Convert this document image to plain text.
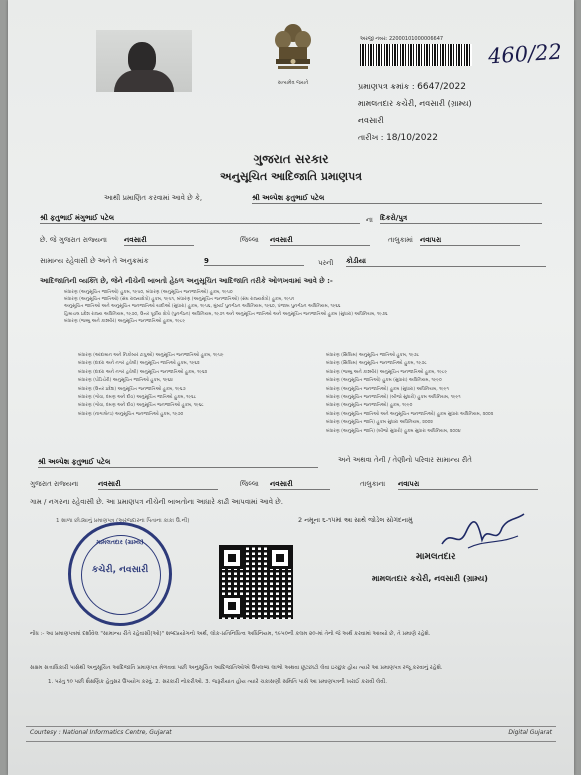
સત્યમેવ જયતે
અરજી નંબર: 22000101000006647
460/22
પ્રમાણપત્ર ક્રમાંક : 6647/2022
મામલતદાર કચેરી, નવસારી (ગ્રામ્ય)
નવસારી
તારીખ : 18/10/2022
ગુજરાત સરકાર
અનુસૂચિત આદિજાતિ પ્રમાણપત્ર
આથી પ્રમાણિત કરવામાં આવે છે કે,	શ્રી અલ્પેશ ફતુભાઈ પટેલ
શ્રી ફતુભાઈ મંગુભાઈ પટેલ	ના દિકરો/પુત્ર
છે. જે ગુજરાત રાજ્યના નવસારી	જિલ્લા નવસારી	તાલુકામાં નવાપરા
સામાન્ય રહેવાસી છે અને તે અનુક્રમાંક	9	પરની કોડીયા
આદિજાતિની વ્યક્તિ છે, જેને નીચેની બાબતો હેઠળ અનુસૂચિત આદિજાતિ તરીકે ઓળખવામાં આવે છે :-
બંધારણ (અનુસૂચિત જાતિઓ) હુકમ, ૧૯૫૦, બંધારણ (અનુસૂચિત જનજાતિઓ) હુકમ, ૧૯૫૦
બંધારણ (અનુસૂચિત જાતિઓ) (સંઘ રાજ્યક્ષેત્રો) હુકમ, ૧૯૫૧, બંધારણ (અનુસૂચિત જનજાતિઓ) (સંઘ રાજ્યક્ષેત્રો) હુકમ, ૧૯૫૧
અનુસૂચિત જાતિઓ અને અનુસૂચિત જનજાતિઓ યાદીઓ (સુધારા) હુકમ, ૧૯૫૬, મુંબઈ પુનર્ગઠન અધિનિયમ, ૧૯૬૦, પંજાબ પુનર્ગઠન અધિનિયમ, ૧૯૬૬
હિમાચલ પ્રદેશ રાજ્ય અધિનિયમ, ૧૯૭૦, ઉત્તર પૂર્વીય ક્ષેત્રો (પુનર્ગઠન) અધિનિયમ, ૧૯૭૧ અને અનુસૂચિત જાતિઓ અને અનુસૂચિત જનજાતિઓ હુકમ (સુધારા) અધિનિયમ, ૧૯૭૬
બંધારણ (જમ્મુ અને કાશ્મીર) અનુસૂચિત જનજાતિઓ હુકમ, ૧૯૮૯
બંધારણ (આંદામાન અને નિકોબાર ટાપુઓ) અનુસૂચિત જનજાતિઓ હુકમ, ૧૯૫૯
બંધારણ (દાદરા અને નગર હવેલી) અનુસૂચિત જાતિઓ હુકમ, ૧૯૬૨
બંધારણ (દાદરા અને નગર હવેલી) અનુસૂચિત જનજાતિઓ હુકમ, ૧૯૬૨
બંધારણ (પોંડિચેરી) અનુસૂચિત જાતિઓ હુકમ, ૧૯૬૪
બંધારણ (ઉત્તર પ્રદેશ) અનુસૂચિત જનજાતિઓ હુકમ, ૧૯૬૭
બંધારણ (ગોવા, દમણ અને દીવ) અનુસૂચિત જાતિઓ હુકમ, ૧૯૬૮
બંધારણ (ગોવા, દમણ અને દીવ) અનુસૂચિત જનજાતિઓ હુકમ, ૧૯૬૮
બંધારણ (નાગાલેન્ડ) અનુસૂચિત જનજાતિઓ હુકમ, ૧૯૭૦
બંધારણ (સિક્કિમ) અનુસૂચિત જાતિઓ હુકમ, ૧૯૭૮
બંધારણ (સિક્કિમ) અનુસૂચિત જનજાતિઓ હુકમ, ૧૯૭૮
બંધારણ (જમ્મુ અને કાશ્મીર) અનુસૂચિત જનજાતિઓ હુકમ, ૧૯૮૯
બંધારણ (અનુસૂચિત જાતિઓ) હુકમ (સુધારા) અધિનિયમ, ૧૯૯૦
બંધારણ (અનુસૂચિત જનજાતિઓ) હુકમ (સુધારા) અધિનિયમ, ૧૯૯૧
બંધારણ (અનુસૂચિત જનજાતિઓ) (બીજો સુધારો) હુકમ અધિનિયમ, ૧૯૯૧
બંધારણ (અનુસૂચિત જનજાતિઓ) હુકમ, ૧૯૯૦
બંધારણ (અનુસૂચિત જાતિઓ અને અનુસૂચિત જનજાતિઓ) હુકમ સુધારા અધિનિયમ, ૨૦૦૨
બંધારણ (અનુસૂચિત જાતિ) હુકમ સુધારા અધિનિયમ, ૨૦૦૨
બંધારણ (અનુસૂચિત જાતિ) (બીજો સુધારો) હુકમ સુધારા અધિનિયમ, ૨૦૦૪
શ્રી અલ્પેશ ફતુભાઈ પટેલ	અને અથવા તેની / તેણીનો પરિવાર સામાન્ય રીતે
ગુજરાત રાજ્યના	નવસારી	જિલ્લા નવસારી	તાલુકાના નવાપરા
ગામ / નગરના રહેવાસી છે. આ પ્રમાણપત્ર નીચેની બાબતોના આધારે કાઢી આપવામાં આવે છે.
1 શાળા છોડ્યાનું પ્રમાણપત્ર (અરજદારના પિતાના કાકા ઉ.ની)	2 નમૂના ૬-૧૫માં આ સાથે જોડેલ સોગંદનામું
મામલતદાર (ગ્રામ્ય)
કચેરી, નવસારી
મામલતદાર
મામલતદાર કચેરી, નવસારી (ગ્રામ્ય)
નોંધ :- આ પ્રમાણપત્રમાં દર્શાવેલ "સામાન્ય રીતે રહેવાસી(ઓ)" શબ્દપ્રયોગનો અર્થ, લોક-પ્રતિનિધિત્વ અધિનિયમ, ૧૯૫૦ની કલમ ૨૦-માં તેનો જે અર્થ કરવામાં આવ્યો છે, તે પ્રમાણે રહેશે.
સક્ષમ સત્તાધિકારી પાસેથી અનુસૂચિત આદિજાતિ પ્રમાણપત્ર મેળવવા પછી અનુસૂચિત આદિજાતિઓએ ઉપલબ્ધ લાભો અથવા છૂટછાટો લેવા ઇચ્છુક હોય ત્યારે આ પ્રમાણપત્ર રજૂ કરવાનું રહેશે.
1. પરંતુ ૧૦ પછી શૈક્ષણિક હેતુસર ઉપયોગ કરવું. 2. સરકારી નોકરીઓ. 3. જરૂરીયાત હોય ત્યારે ચકાસણી સમિતિ પાસે આ પ્રમાણપત્રની ખરાઈ કરાવી લેવી.
Courtesy : National Informatics Centre, Gujarat	Digital Gujarat
